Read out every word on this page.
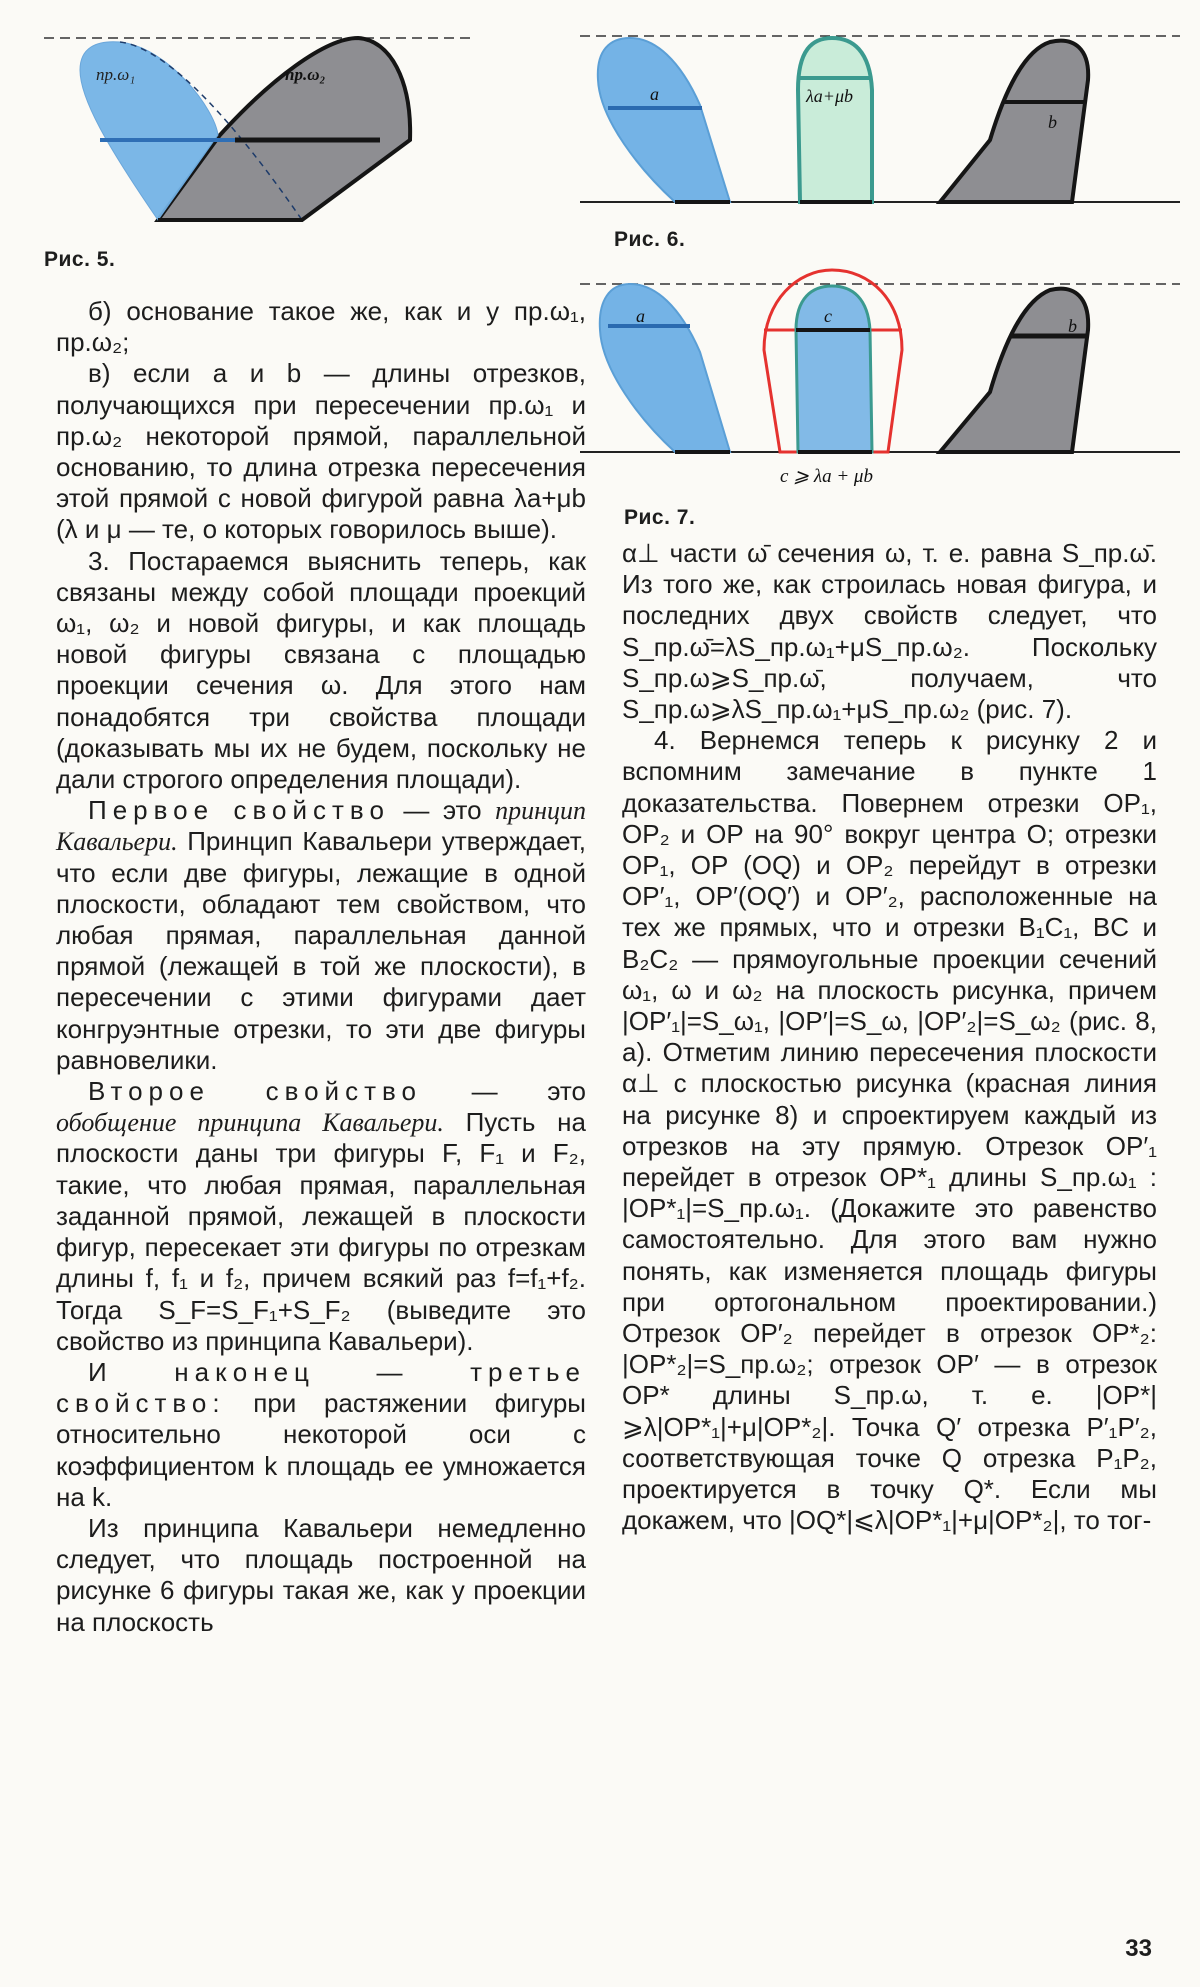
пр.ω₁	пр.ω₂
Рис. 5.
a	λa+μb
b
Рис. 6.
a	c	b
c ⩾ λa + μb
Рис. 7.

б) основание такое же, как и у пр.ω₁, пр.ω₂;

в) если a и b — длины отрезков, получающихся при пересечении пр.ω₁ и пр.ω₂ некоторой прямой, параллельной основанию, то длина отрезка пересечения этой прямой с новой фигурой равна λa+μb (λ и μ — те, о которых говорилось выше).

3. Постараемся выяснить теперь, как связаны между собой площади проекций ω₁, ω₂ и новой фигуры, и как площадь новой фигуры связана с площадью проекции сечения ω. Для этого нам понадобятся три свойства площади (доказывать мы их не будем, поскольку не дали строгого определения площади).

Первое свойство — это принцип Кавальери. Принцип Кавальери утверждает, что если две фигуры, лежащие в одной плоскости, обладают тем свойством, что любая прямая, параллельная данной прямой (лежащей в той же плоскости), в пересечении с этими фигурами дает конгруэнтные отрезки, то эти две фигуры равновелики.

Второе свойство — это обобщение принципа Кавальери. Пусть на плоскости даны три фигуры F, F₁ и F₂, такие, что любая прямая, параллельная заданной прямой, лежащей в плоскости фигур, пересекает эти фигуры по отрезкам длины f, f₁ и f₂, причем всякий раз f=f₁+f₂. Тогда S_F=S_F₁+S_F₂ (выведите это свойство из принципа Кавальери).

И наконец — третье свойство: при растяжении фигуры относительно некоторой оси с коэффициентом k площадь ее умножается на k.

Из принципа Кавальери немедленно следует, что площадь построенной на рисунке 6 фигуры такая же, как у проекции на плоскость

α⊥ части ω̄ сечения ω, т. е. равна S_пр.ω̄. Из того же, как строилась новая фигура, и последних двух свойств следует, что S_пр.ω̄=λS_пр.ω₁+μS_пр.ω₂. Поскольку S_пр.ω⩾S_пр.ω̄, получаем, что S_пр.ω⩾λS_пр.ω₁+μS_пр.ω₂ (рис. 7).

4. Вернемся теперь к рисунку 2 и вспомним замечание в пункте 1 доказательства. Повернем отрезки OP₁, OP₂ и OP на 90° вокруг центра O; отрезки OP₁, OP (OQ) и OP₂ перейдут в отрезки OP′₁, OP′(OQ′) и OP′₂, расположенные на тех же прямых, что и отрезки B₁C₁, BC и B₂C₂ — прямоугольные проекции сечений ω₁, ω и ω₂ на плоскость рисунка, причем |OP′₁|=S_ω₁, |OP′|=S_ω, |OP′₂|=S_ω₂ (рис. 8, а). Отметим линию пересечения плоскости α⊥ с плоскостью рисунка (красная линия на рисунке 8) и спроектируем каждый из отрезков на эту прямую. Отрезок OP′₁ перейдет в отрезок OP*₁ длины S_пр.ω₁ : |OP*₁|=S_пр.ω₁. (Докажите это равенство самостоятельно. Для этого вам нужно понять, как изменяется площадь фигуры при ортогональном проектировании.) Отрезок OP′₂ перейдет в отрезок OP*₂: |OP*₂|=S_пр.ω₂; отрезок OP′ — в отрезок OP* длины S_пр.ω, т. е. |OP*|⩾λ|OP*₁|+μ|OP*₂|. Точка Q′ отрезка P′₁P′₂, соответствующая точке Q отрезка P₁P₂, проектируется в точку Q*. Если мы докажем, что |OQ*|⩽λ|OP*₁|+μ|OP*₂|, то тог-

33
